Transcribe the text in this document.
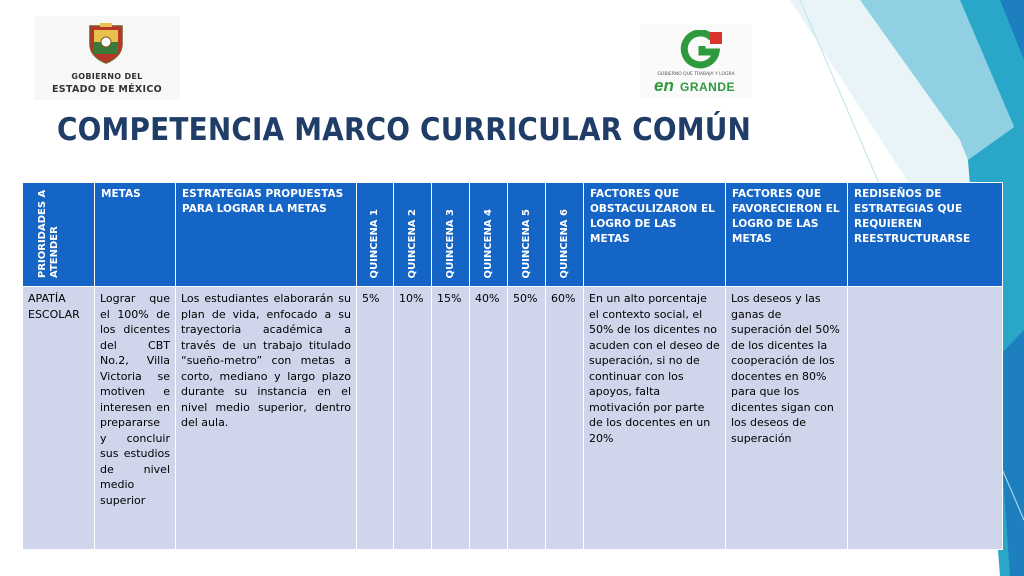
GOBIERNO DEL
ESTADO DE MÉXICO
GOBIERNO QUE TRABAJA Y LOGRA
en GRANDE
COMPETENCIA MARCO CURRICULAR COMÚN
PRIORIDADES A ATENDER	METAS	ESTRATEGIAS PROPUESTAS PARA LOGRAR LA METAS	QUINCENA 1	QUINCENA 2	QUINCENA 3	QUINCENA 4	QUINCENA 5	QUINCENA 6	FACTORES QUE OBSTACULIZARON EL LOGRO DE LAS METAS	FACTORES QUE FAVORECIERON EL LOGRO DE LAS METAS	REDISEÑOS DE ESTRATEGIAS QUE REQUIEREN REESTRUCTURARSE
APATÍA ESCOLAR	Lograr que el 100% de los dicentes del CBT No.2, Villa Victoria se motiven e interesen en prepararse y concluir sus estudios de nivel medio superior	Los estudiantes elaborarán su plan de vida, enfocado a su trayectoria académica a través de un trabajo titulado “sueño-metro” con metas a corto, mediano y largo plazo durante su instancia en el nivel medio superior, dentro del aula.	5%	10%	15%	40%	50%	60%	En un alto porcentaje el contexto social, el 50% de los dicentes no acuden con el deseo de superación, si no de continuar con los apoyos, falta motivación por parte de los docentes en un 20%	Los deseos y las ganas de superación del 50% de los dicentes la cooperación de los docentes en 80% para que los dicentes sigan con los deseos de superación	
